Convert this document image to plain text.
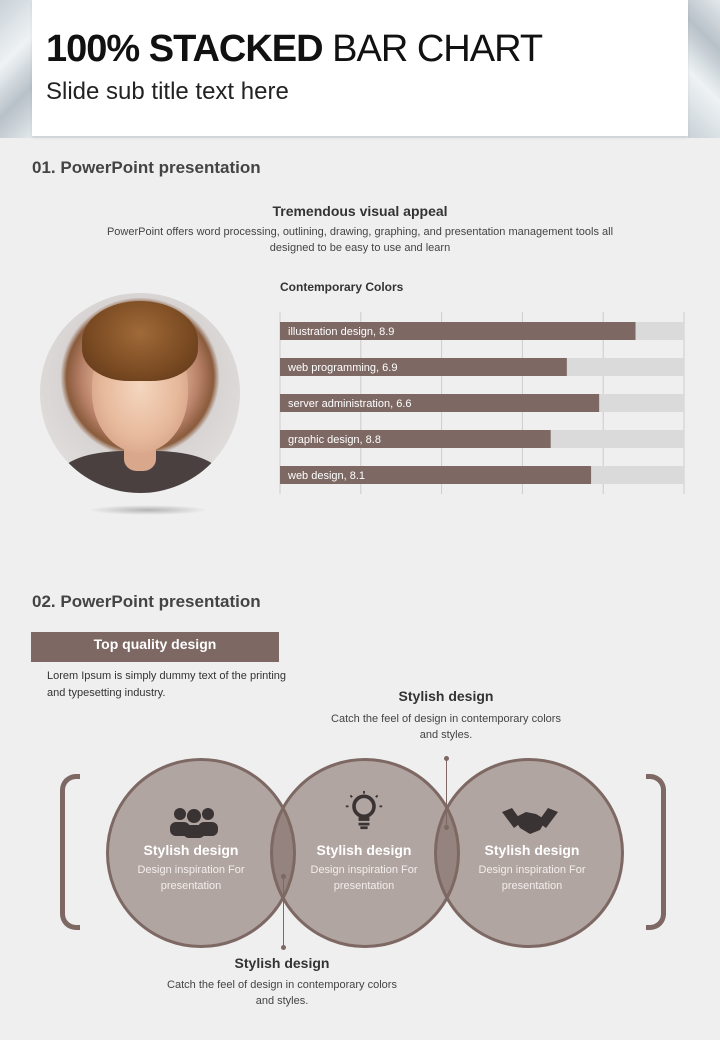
100% STACKED BAR CHART
Slide sub title text here
01. PowerPoint presentation
Tremendous visual appeal
PowerPoint offers word processing, outlining, drawing, graphing, and presentation management tools all designed to be easy to use and learn
Contemporary Colors
illustration design, 8.9
web programming, 6.9
server administration, 6.6
graphic design, 8.8
web design, 8.1
02. PowerPoint presentation
Top quality design
Lorem Ipsum is simply dummy text of the printing and typesetting industry.	Stylish design
Catch the feel of design in contemporary colors and styles.
Stylish design
Design inspiration For presentation
Stylish design
Design inspiration For presentation
Stylish design
Design inspiration For presentation
Stylish design
Catch the feel of design in contemporary colors and styles.
